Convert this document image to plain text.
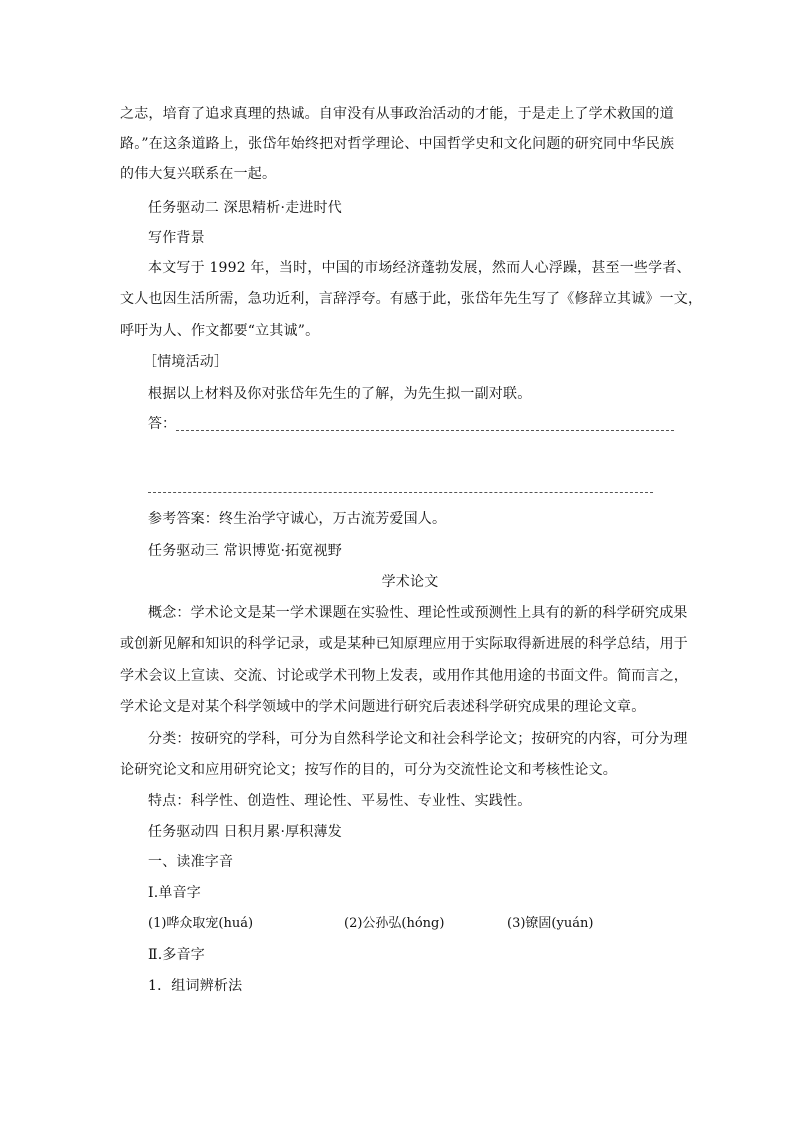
之志，培育了追求真理的热诚。自审没有从事政治活动的才能，于是走上了学术救国的道
路。”在这条道路上，张岱年始终把对哲学理论、中国哲学史和文化问题的研究同中华民族
的伟大复兴联系在一起。
任务驱动二 深思精析·走进时代
写作背景
本文写于 1992 年，当时，中国的市场经济蓬勃发展，然而人心浮躁，甚至一些学者、
文人也因生活所需，急功近利，言辞浮夸。有感于此，张岱年先生写了《修辞立其诚》一文，
呼吁为人、作文都要“立其诚”。
［情境活动］
根据以上材料及你对张岱年先生的了解，为先生拟一副对联。
答：
参考答案：终生治学守诚心，万古流芳爱国人。
任务驱动三 常识博览·拓宽视野
学术论文
概念：学术论文是某一学术课题在实验性、理论性或预测性上具有的新的科学研究成果
或创新见解和知识的科学记录，或是某种已知原理应用于实际取得新进展的科学总结，用于
学术会议上宣读、交流、讨论或学术刊物上发表，或用作其他用途的书面文件。简而言之，
学术论文是对某个科学领域中的学术问题进行研究后表述科学研究成果的理论文章。
分类：按研究的学科，可分为自然科学论文和社会科学论文；按研究的内容，可分为理
论研究论文和应用研究论文；按写作的目的，可分为交流性论文和考核性论文。
特点：科学性、创造性、理论性、平易性、专业性、实践性。
任务驱动四 日积月累·厚积薄发
一、读准字音
Ⅰ.单音字
(1)哗众取宠(huá)	(2)公孙弘(hóng)	(3)镣固(yuán)
Ⅱ.多音字
1．组词辨析法
